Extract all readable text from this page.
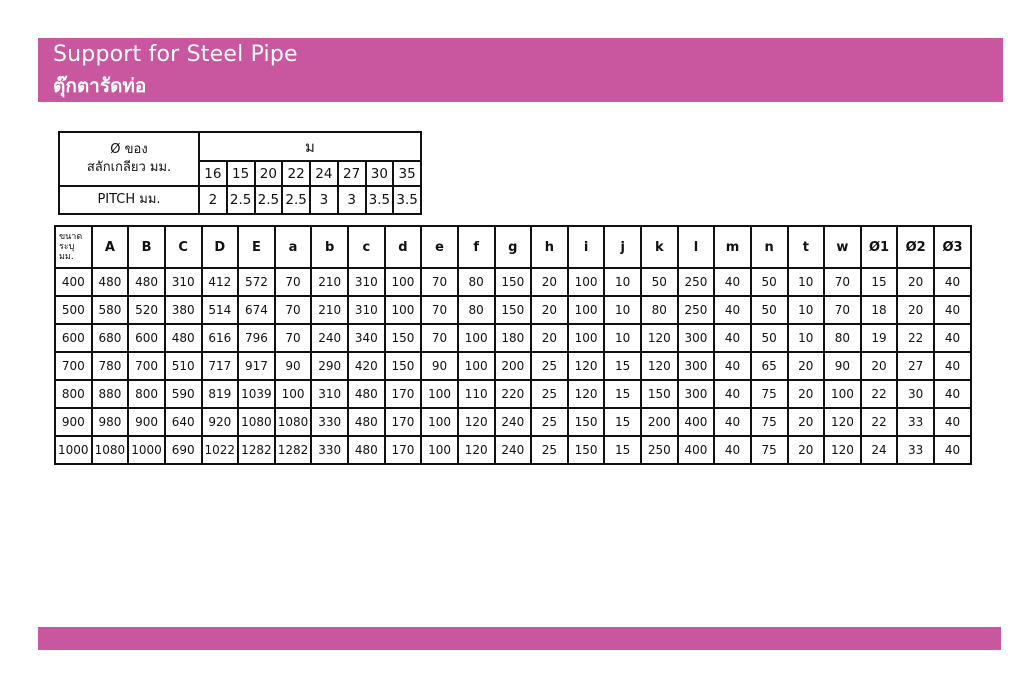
Support for Steel Pipe
ตุ๊กตารัดท่อ
Ø ของ
สลักเกลียว มม.	ม							
	16	15	20	22	24	27	30	35
PITCH มม.	2	2.5	2.5	2.5	3	3	3.5	3.5
ขนาด
ระบุ
มม.	A	B	C	D	E	a	b	c	d	e	f	g	h	i	j	k	l	m	n	t	w	Ø1	Ø2	Ø3
400	480	480	310	412	572	70	210	310	100	70	80	150	20	100	10	50	250	40	50	10	70	15	20	40
500	580	520	380	514	674	70	210	310	100	70	80	150	20	100	10	80	250	40	50	10	70	18	20	40
600	680	600	480	616	796	70	240	340	150	70	100	180	20	100	10	120	300	40	50	10	80	19	22	40
700	780	700	510	717	917	90	290	420	150	90	100	200	25	120	15	120	300	40	65	20	90	20	27	40
800	880	800	590	819	1039	100	310	480	170	100	110	220	25	120	15	150	300	40	75	20	100	22	30	40
900	980	900	640	920	1080	1080	330	480	170	100	120	240	25	150	15	200	400	40	75	20	120	22	33	40
1000	1080	1000	690	1022	1282	1282	330	480	170	100	120	240	25	150	15	250	400	40	75	20	120	24	33	40
